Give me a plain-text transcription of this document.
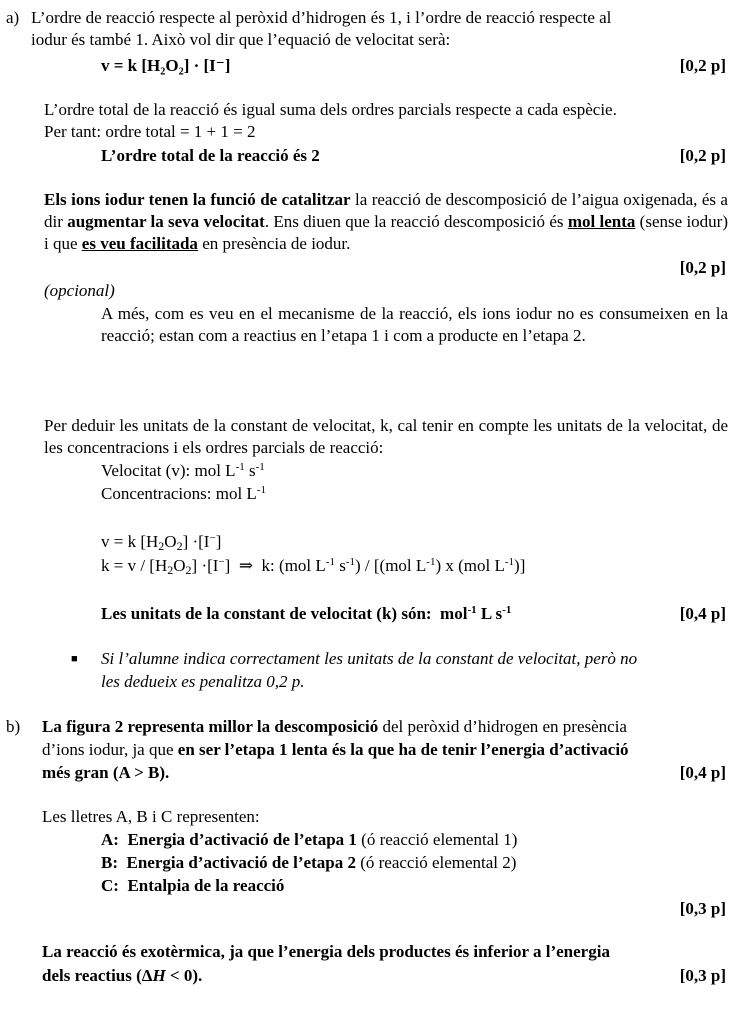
a) L’ordre de reacció respecte al peròxid d’hidrogen és 1, i l’ordre de reacció respecte al
iodur és també 1. Això vol dir que l’equació de velocitat serà:
v = k [H₂O₂] · [I⁻]	[0,2 p]
L’ordre total de la reacció és igual suma dels ordres parcials respecte a cada espècie.
Per tant: ordre total = 1 + 1 = 2
L’ordre total de la reacció és 2	[0,2 p]
Els ions iodur tenen la funció de catalitzar la reacció de descomposició de l’aigua oxigenada, és a dir augmentar la seva velocitat. Ens diuen que la reacció descomposició és mol lenta (sense iodur) i que es veu facilitada en presència de iodur.
[0,2 p]
(opcional)
A més, com es veu en el mecanisme de la reacció, els ions iodur no es consumeixen en la reacció; estan com a reactius en l’etapa 1 i com a producte en l’etapa 2.
Per deduir les unitats de la constant de velocitat, k, cal tenir en compte les unitats de la velocitat, de les concentracions i els ordres parcials de reacció:
Velocitat (v): mol $L^{-1}$ $s^{-1}$
Concentracions: mol $L^{-1}$
v = k $[H_2O_2] \cdot[I^-]$
$k = v / [H_2O_2] \cdot[I^-]$  ⇒  k: (mol $L^{-1}$ $s^{-1}) / [(mol$ $L^{-1}$) x (mol $L^{-1}$)]
Les unitats de la constant de velocitat (k) són:  mol$^{-1}$ L $s^{-1}$	[0,4 p]
■ Si l’alumne indica correctament les unitats de la constant de velocitat, però no
les dedueix es penalitza 0,2 p.
b) La figura 2 representa millor la descomposició del peròxid d’hidrogen en presència
d’ions iodur, ja que en ser l’etapa 1 lenta és la que ha de tenir l’energia d’activació
més gran (A > B).	[0,4 p]
Les lletres A, B i C representen:
A: Energia d’activació de l’etapa 1 (ó reacció elemental 1)
B: Energia d’activació de l’etapa 2 (ó reacció elemental 2)
C: Entalpia de la reacció
[0,3 p]
La reacció és exotèrmica, ja que l’energia dels productes és inferior a l’energia
dels reactius (ΔH < 0).	[0,3 p]
